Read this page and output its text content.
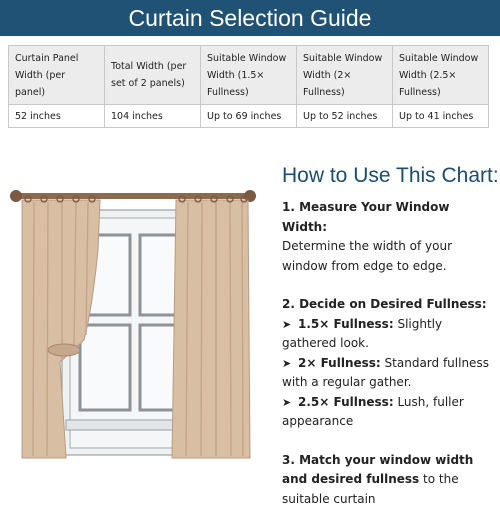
Curtain Selection Guide
Curtain Panel Width (per panel)	Total Width (per set of 2 panels)	Suitable Window Width (1.5× Fullness)	Suitable Window Width (2× Fullness)	Suitable Window Width (2.5× Fullness)
52 inches	104 inches	Up to 69 inches	Up to 52 inches	Up to 41 inches
How to Use This Chart:

1. Measure Your Window Width:
Determine the width of your window from edge to edge.

2. Decide on Desired Fullness:

➤ 1.5× Fullness: Slightly gathered look.

➤ 2× Fullness: Standard fullness with a regular gather.

➤ 2.5× Fullness: Lush, fuller appearance

3. Match your window width and desired fullness to the suitable curtain
